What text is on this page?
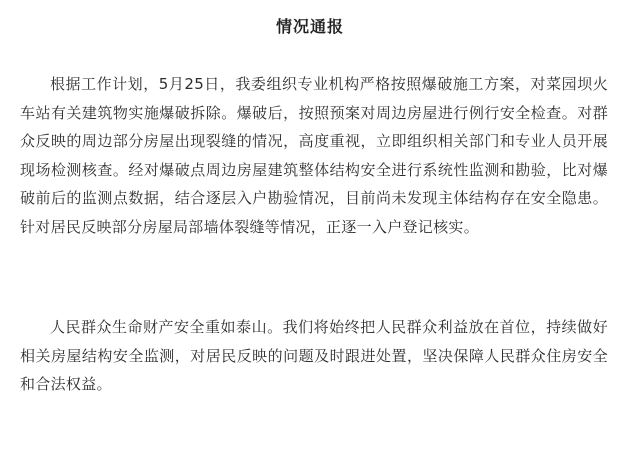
情况通报

根据工作计划，5月25日，我委组织专业机构严格按照爆破施工方案，对菜园坝火车站有关建筑物实施爆破拆除。爆破后，按照预案对周边房屋进行例行安全检查。对群众反映的周边部分房屋出现裂缝的情况，高度重视，立即组织相关部门和专业人员开展现场检测核查。经对爆破点周边房屋建筑整体结构安全进行系统性监测和勘验，比对爆破前后的监测点数据，结合逐层入户勘验情况，目前尚未发现主体结构存在安全隐患。针对居民反映部分房屋局部墙体裂缝等情况，正逐一入户登记核实。

人民群众生命财产安全重如泰山。我们将始终把人民群众利益放在首位，持续做好相关房屋结构安全监测，对居民反映的问题及时跟进处置，坚决保障人民群众住房安全和合法权益。
